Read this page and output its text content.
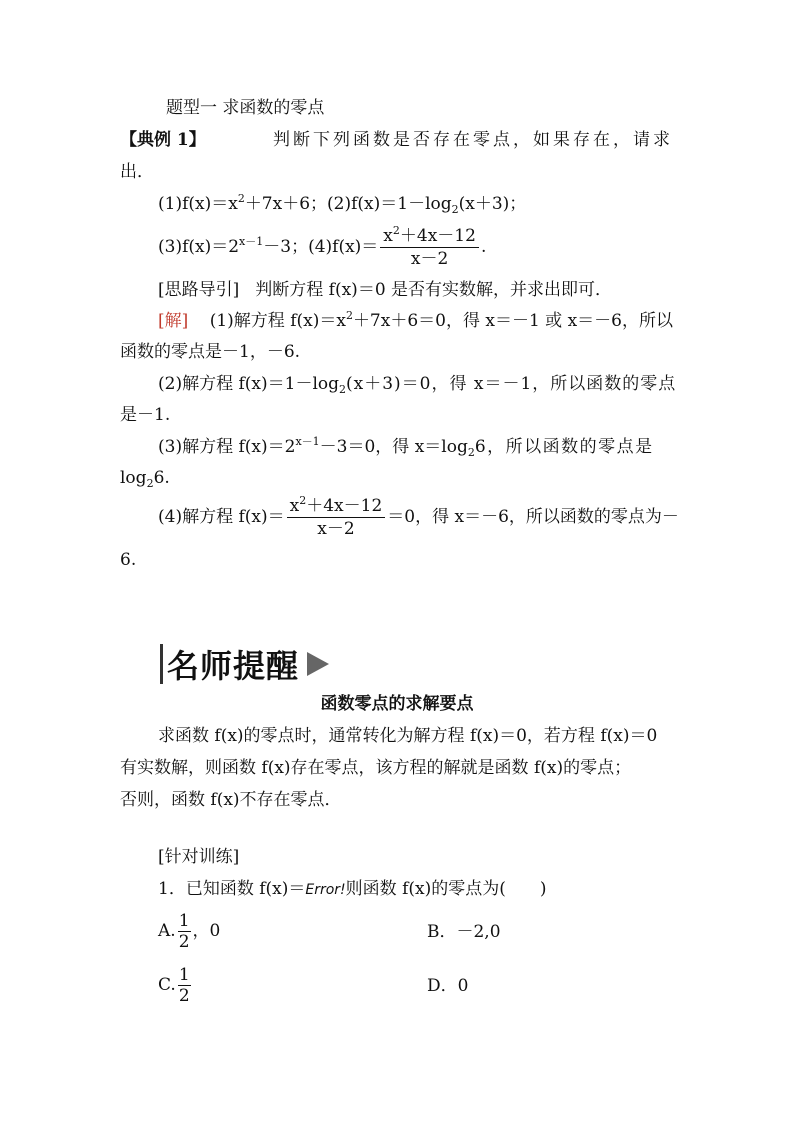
题型一 求函数的零点
【典例 1】	判断下列函数是否存在零点，如果存在，请求
出．
$(1)f(x)=x^2+7x+6$；$(2)f(x)=1-\log_2(x+3)$；
$(3)f(x)=2^{x-1}-3$；$(4)f(x)= \frac{x^2+4x-12}{x-2}$ .
[思路导引] 判断方程 f(x)＝0 是否有实数解，并求出即可．
[解] (1)解方程 $f(x)=x^2+7x+6=0$，得 x＝－1 或 x＝－6，所以
函数的零点是－1，－6.
(2)解方程 $f(x)=1-\log_2(x+3)=0$，得 x＝－1，所以函数的零点
是－1.
(3)解方程 $f(x)=2^{x-1}-3=0$，得 $x=\log_26$，所以函数的零点是
$\log_26$.
(4)解方程 $f(x)= \frac{x^2+4x-12}{x-2} =0$，得 x＝－6，所以函数的零点为－
6.
名师提醒
函数零点的求解要点
求函数 f(x)的零点时，通常转化为解方程 f(x)＝0，若方程 f(x)＝0
有实数解，则函数 f(x)存在零点，该方程的解就是函数 f(x)的零点；
否则，函数 f(x)不存在零点．
[针对训练]
1．已知函数 f(x)＝Error!则函数 f(x)的零点为(　　)
A. $\frac{1}{2}$ ，0	B．－2,0
C. $\frac{1}{2}$	D．0
